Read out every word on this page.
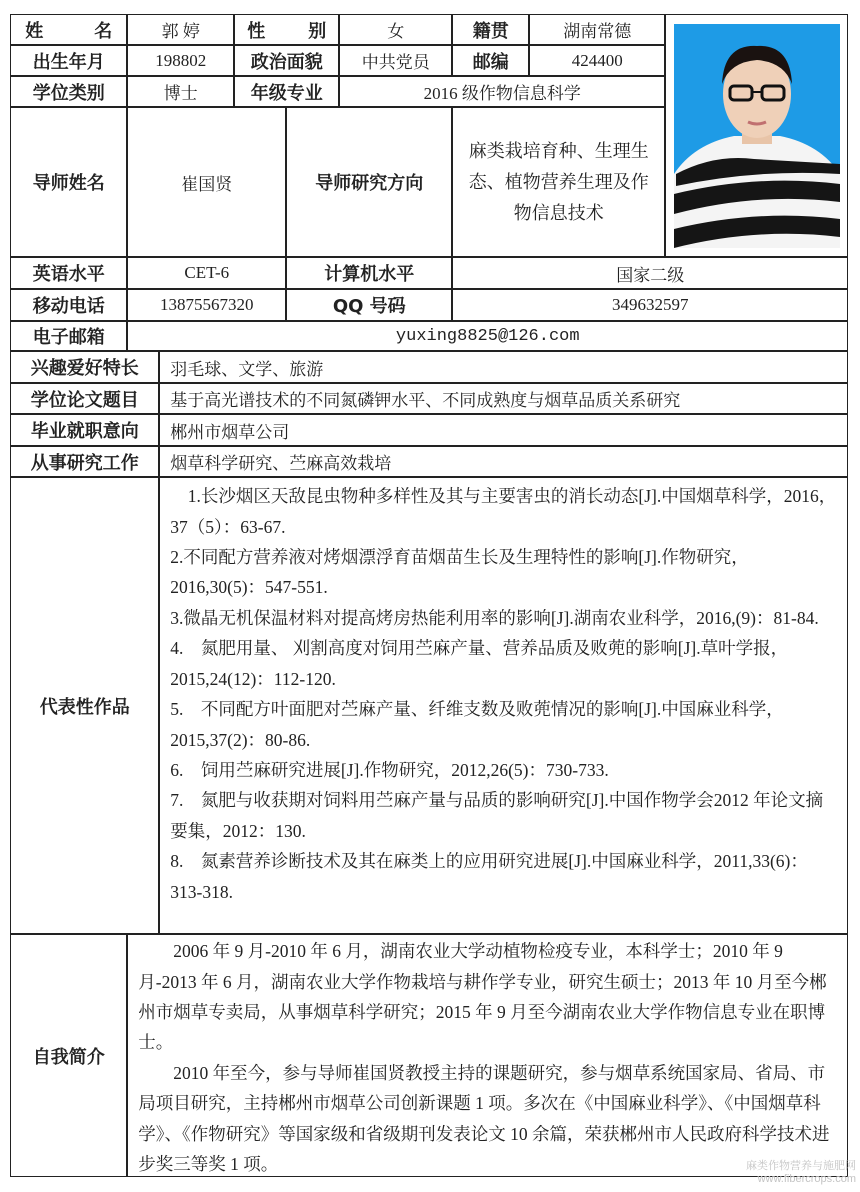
姓　　名	郭 婷	性　　别	女	籍贯	湖南常德
出生年月	198802	政治面貌	中共党员	邮编	424400
学位类别	博士	年级专业	2016 级作物信息科学
导师姓名	崔国贤	导师研究方向
麻类栽培育种、生理生态、植物营养生理及作物信息技术
英语水平	CET-6	计算机水平	国家二级
移动电话	13875567320	QQ 号码	349632597
电子邮箱	yuxing8825@126.com
兴趣爱好特长	羽毛球、文学、旅游
学位论文题目	基于高光谱技术的不同氮磷钾水平、不同成熟度与烟草品质关系研究
毕业就职意向	郴州市烟草公司
从事研究工作	烟草科学研究、苎麻高效栽培
代表性作品

　1.长沙烟区天敌昆虫物种多样性及其与主要害虫的消长动态[J].中国烟草科学，2016，37（5）：63-67.

2.不同配方营养液对烤烟漂浮育苗烟苗生长及生理特性的影响[J].作物研究，2016,30(5)：547-551.

3.微晶无机保温材料对提高烤房热能利用率的影响[J].湖南农业科学，2016,(9)：81-84.

4.　氮肥用量、 刈割高度对饲用苎麻产量、营养品质及败蔸的影响[J].草叶学报，2015,24(12)：112-120.

5.　不同配方叶面肥对苎麻产量、纤维支数及败蔸情况的影响[J].中国麻业科学，2015,37(2)：80-86.

6.　饲用苎麻研究进展[J].作物研究，2012,26(5)：730-733.

7.　氮肥与收获期对饲料用苎麻产量与品质的影响研究[J].中国作物学会2012 年论文摘要集，2012：130.

8.　氮素营养诊断技术及其在麻类上的应用研究进展[J].中国麻业科学，2011,33(6)：313-318.

自我简介

2006 年 9 月-2010 年 6 月，湖南农业大学动植物检疫专业，本科学士；2010 年 9 月-2013 年 6 月，湖南农业大学作物栽培与耕作学专业，研究生硕士；2013 年 10 月至今郴州市烟草专卖局，从事烟草科学研究；2015 年 9 月至今湖南农业大学作物信息专业在职博士。

2010 年至今，参与导师崔国贤教授主持的课题研究，参与烟草系统国家局、省局、市局项目研究，主持郴州市烟草公司创新课题 1 项。多次在《中国麻业科学》、《中国烟草科学》、《作物研究》等国家级和省级期刊发表论文 10 余篇，荣获郴州市人民政府科学技术进步奖三等奖 1 项。	麻类作物营养与施肥网
www.fibercrops.com
